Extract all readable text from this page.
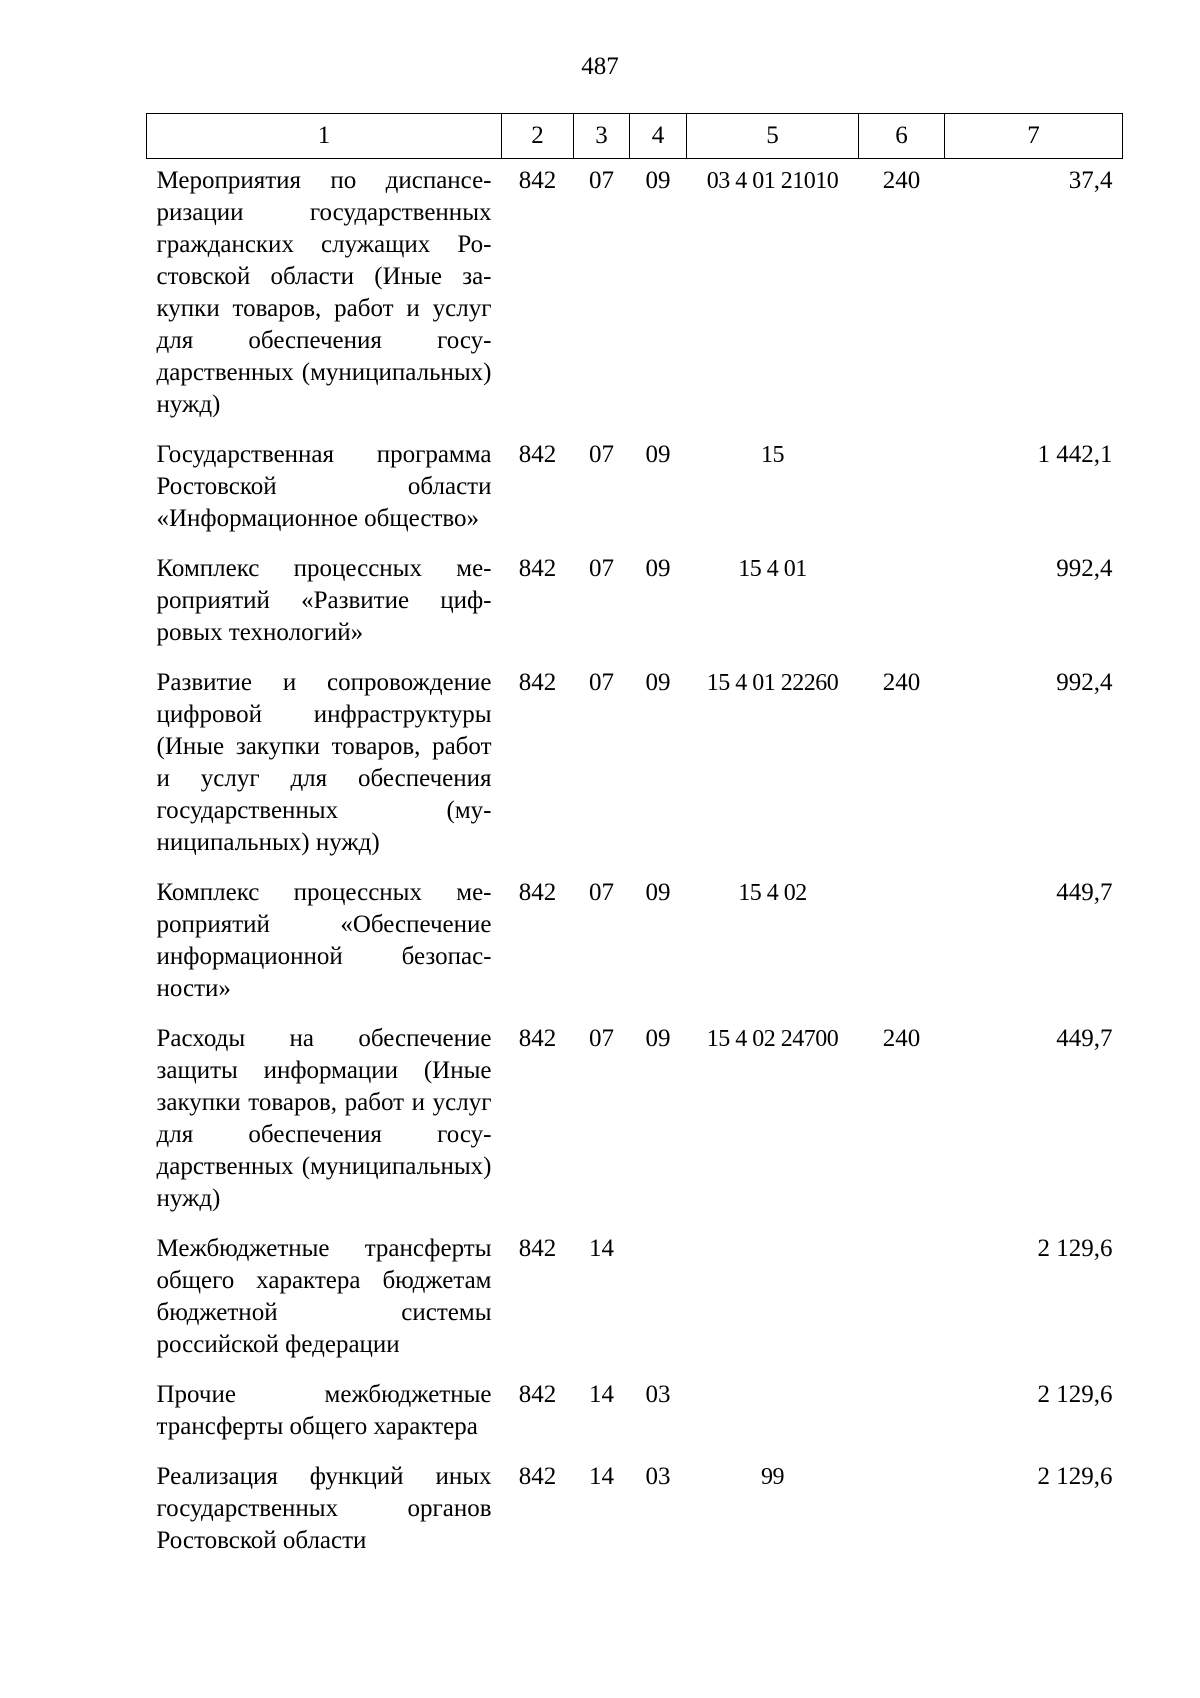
487
1	2	3	4	5	6	7
Мероприятия по диспансеризации государственных гражданских служащих Ростовской области (Иные закупки товаров, работ и услуг для обеспечения государственных (муниципальных) нужд)	842	07	09	03 4 01 21010	240	37,4
Государственная программа Ростовской области «Информационное общество»	842	07	09	15		1 442,1
Комплекс процессных мероприятий «Развитие цифровых технологий»	842	07	09	15 4 01		992,4
Развитие и сопровождение цифровой инфраструктуры (Иные закупки товаров, работ и услуг для обеспечения государственных (муниципальных) нужд)	842	07	09	15 4 01 22260	240	992,4
Комплекс процессных мероприятий «Обеспечение информационной безопасности»	842	07	09	15 4 02		449,7
Расходы на обеспечение защиты информации (Иные закупки товаров, работ и услуг для обеспечения государственных (муниципальных) нужд)	842	07	09	15 4 02 24700	240	449,7
Межбюджетные трансферты общего характера бюджетам бюджетной системы российской федерации	842	14				2 129,6
Прочие межбюджетные трансферты общего характера	842	14	03			2 129,6
Реализация функций иных государственных органов Ростовской области	842	14	03	99		2 129,6
